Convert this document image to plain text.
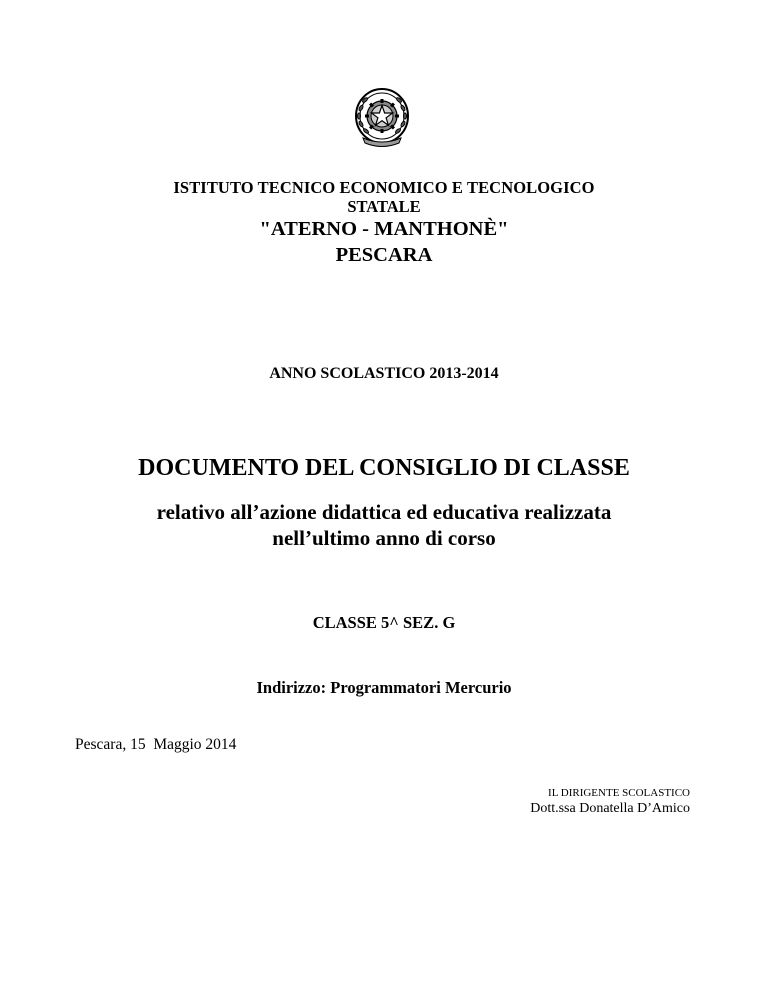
ISTITUTO TECNICO ECONOMICO E TECNOLOGICO
STATALE
"ATERNO - MANTHONÈ"
PESCARA
ANNO SCOLASTICO 2013-2014
DOCUMENTO DEL CONSIGLIO DI CLASSE
relativo all’azione didattica ed educativa realizzata
nell’ultimo anno di corso
CLASSE 5^ SEZ. G
Indirizzo: Programmatori Mercurio
Pescara, 15  Maggio 2014
IL DIRIGENTE SCOLASTICO
Dott.ssa Donatella D’Amico
